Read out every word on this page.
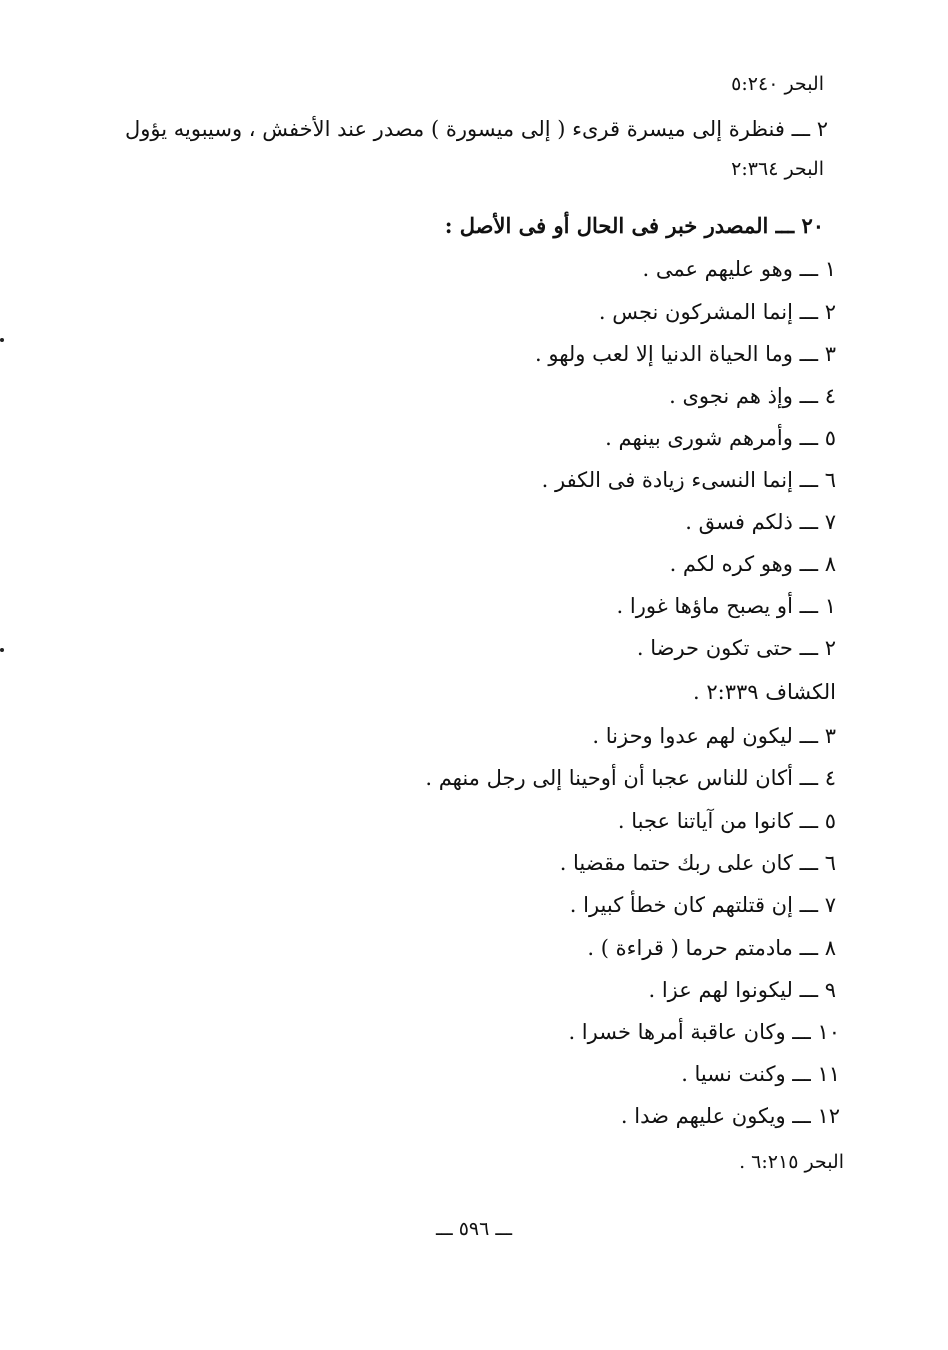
البحر ٥:٢٤٠
٢ ـــ فنظرة إلى ميسرة قرىء ( إلى ميسورة ) مصدر عند الأخفش ، وسيبويه يؤول
البحر ٢:٣٦٤
٢٠ ـــ المصدر خبر فى الحال أو فى الأصل :
١ ـــ وهو عليهم عمى .
٢ ـــ إنما المشركون نجس .
٣ ـــ وما الحياة الدنيا إلا لعب ولهو .
٤ ـــ وإذ هم نجوى .
٥ ـــ وأمرهم شورى بينهم .
٦ ـــ إنما النسىء زيادة فى الكفر .
٧ ـــ ذلكم فسق .
٨ ـــ وهو كره لكم .
١ ـــ أو يصبح ماؤها غورا .
٢ ـــ حتى تكون حرضا .
الكشاف ٢:٣٣٩ .
٣ ـــ ليكون لهم عدوا وحزنا .
٤ ـــ أكان للناس عجبا أن أوحينا إلى رجل منهم .
٥ ـــ كانوا من آياتنا عجبا .
٦ ـــ كان على ربك حتما مقضيا .
٧ ـــ إن قتلتهم كان خطأ كبيرا .
٨ ـــ مادمتم حرما ( قراءة ) .
٩ ـــ ليكونوا لهم عزا .
١٠ ـــ وكان عاقبة أمرها خسرا .
١١ ـــ وكنت نسيا .
١٢ ـــ ويكون عليهم ضدا .
البحر ٦:٢١٥ .
ـــ ٥٩٦ ـــ
